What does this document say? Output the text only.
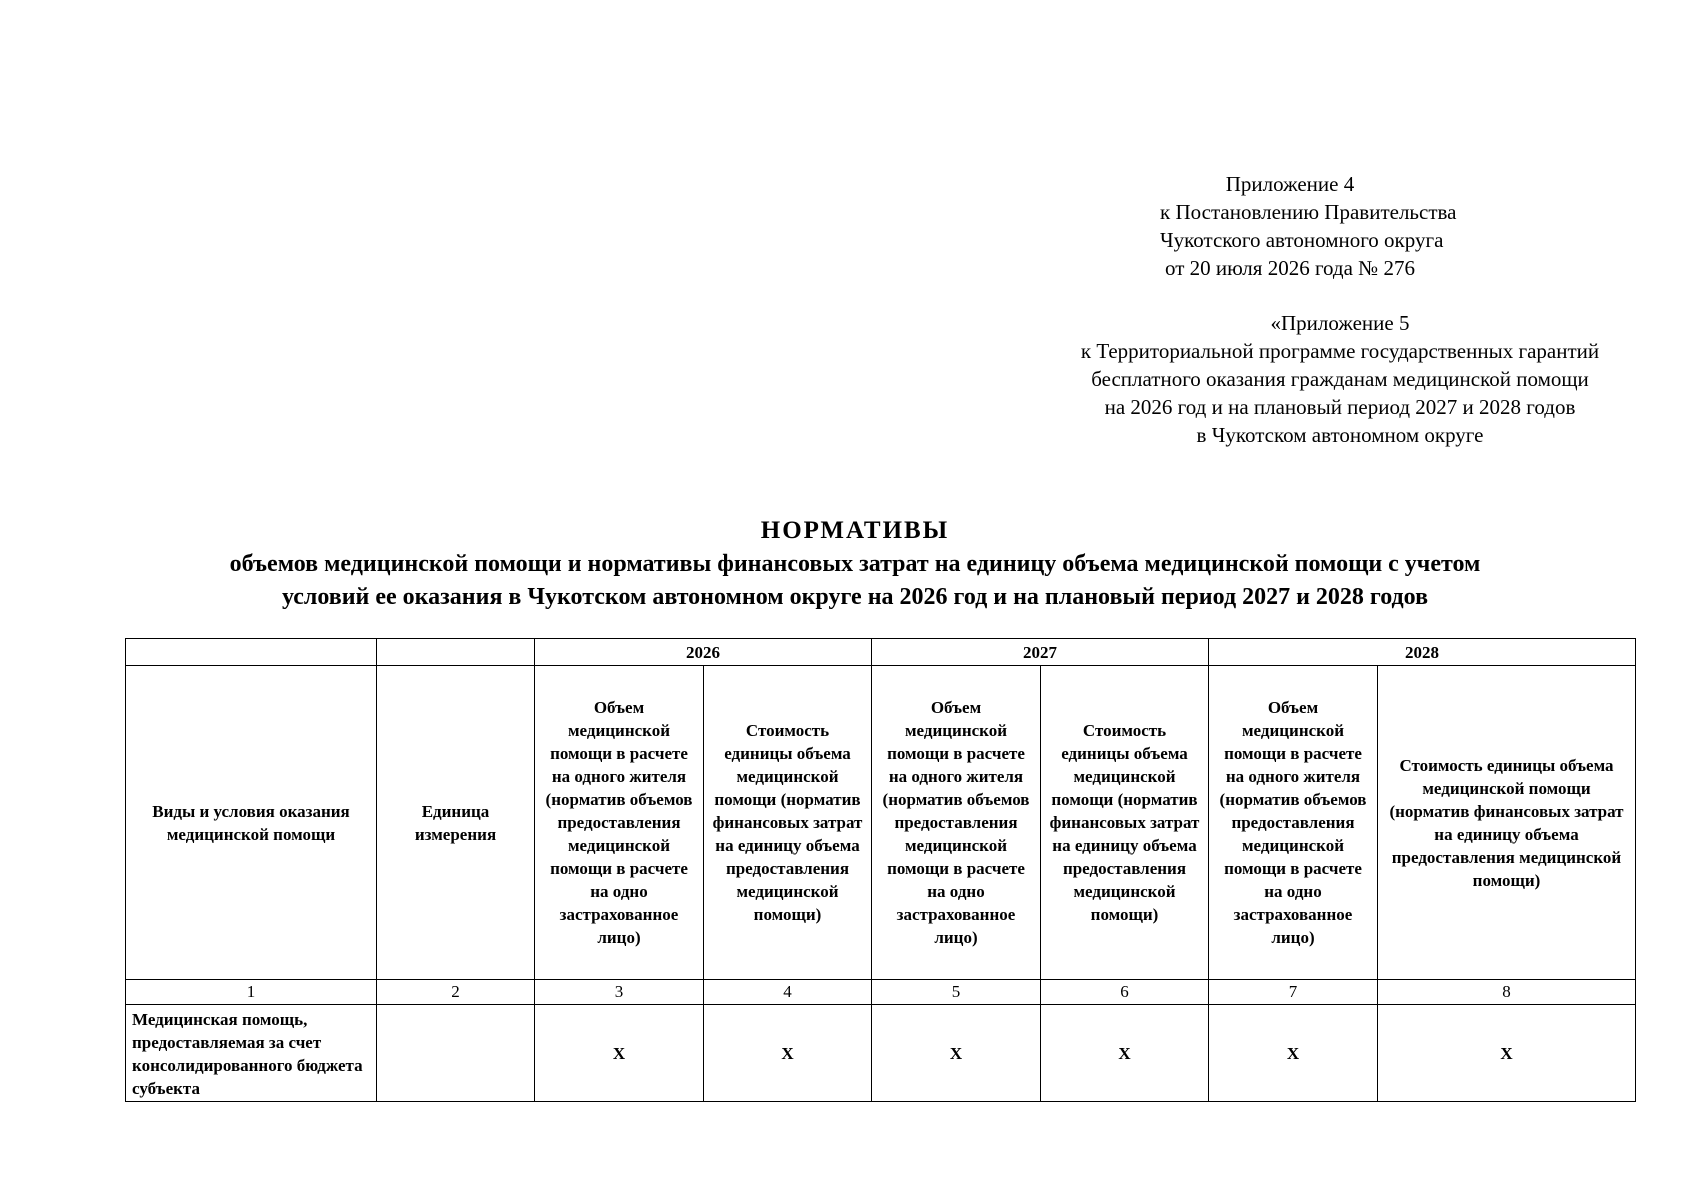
Приложение 4
к Постановлению Правительства
Чукотского автономного округа
от 20 июля 2026 года № 276
«Приложение 5
к Территориальной программе государственных гарантий
бесплатного оказания гражданам медицинской помощи
на 2026 год и на плановый период 2027 и 2028 годов
в Чукотском автономном округе
НОРМАТИВЫ
объемов медицинской помощи и нормативы финансовых затрат на единицу объема медицинской помощи с учетом
условий ее оказания в Чукотском автономном округе на 2026 год и на плановый период 2027 и 2028 годов
		2026		2027		2028	
Виды и условия оказания медицинской помощи	Единица измерения	Объем медицинской помощи в расчете на одного жителя (норматив объемов предоставления медицинской помощи в расчете на одно застрахованное лицо)	Стоимость единицы объема медицинской помощи (норматив финансовых затрат на единицу объема предоставления медицинской помощи)	Объем медицинской помощи в расчете на одного жителя (норматив объемов предоставления медицинской помощи в расчете на одно застрахованное лицо)	Стоимость единицы объема медицинской помощи (норматив финансовых затрат на единицу объема предоставления медицинской помощи)	Объем медицинской помощи в расчете на одного жителя (норматив объемов предоставления медицинской помощи в расчете на одно застрахованное лицо)	Стоимость единицы объема медицинской помощи (норматив финансовых затрат на единицу объема предоставления медицинской помощи)
1	2	3	4	5	6	7	8
Медицинская помощь, предоставляемая за счет консолидированного бюджета субъекта		Х	Х	Х	Х	Х	Х
